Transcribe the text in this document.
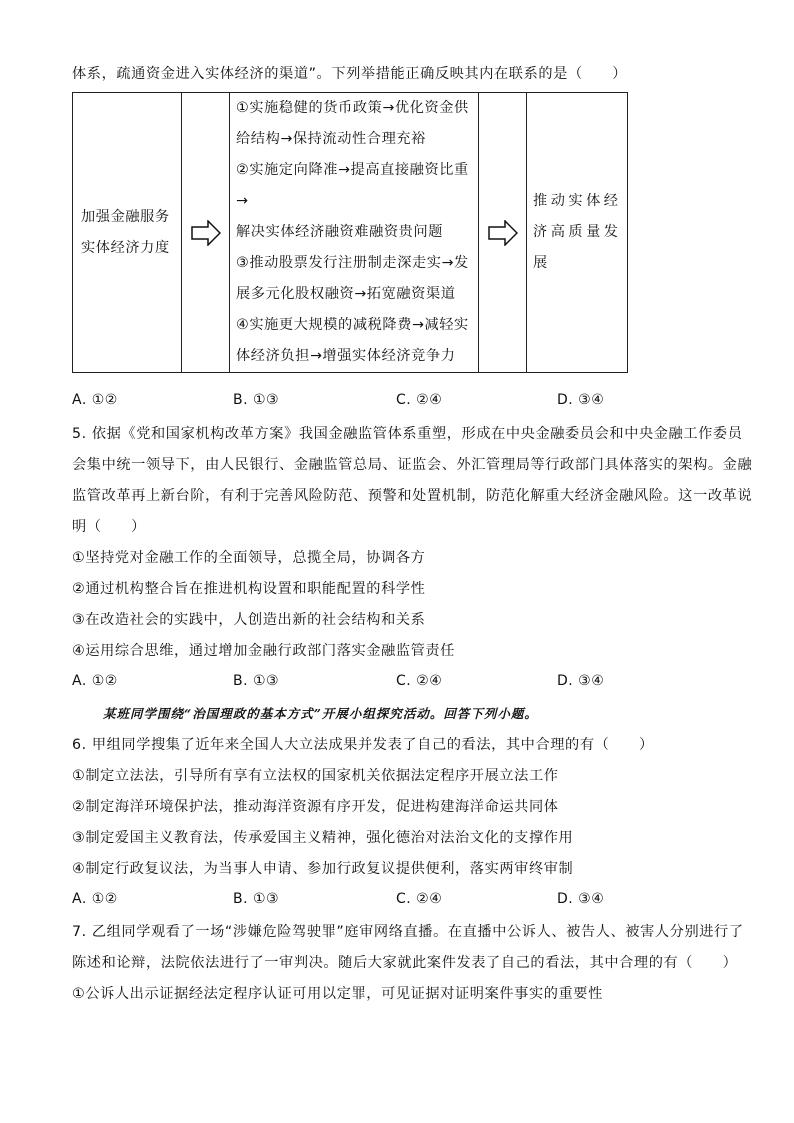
体系，疏通资金进入实体经济的渠道”。下列举措能正确反映其内在联系的是（　　）
加强金融服务
实体经济力度

①实施稳健的货币政策→优化资金供
给结构→保持流动性合理充裕
②实施定向降准→提高直接融资比重→
解决实体经济融资难融资贵问题
③推动股票发行注册制走深走实→发
展多元化股权融资→拓宽融资渠道
④实施更大规模的减税降费→减轻实
体经济负担→增强实体经济竞争力

推动实体经
济高质量发
展
A. ①②	B. ①③	C. ②④	D. ③④
5. 依据《党和国家机构改革方案》我国金融监管体系重塑，形成在中央金融委员会和中央金融工作委员
会集中统一领导下，由人民银行、金融监管总局、证监会、外汇管理局等行政部门具体落实的架构。金融
监管改革再上新台阶，有利于完善风险防范、预警和处置机制，防范化解重大经济金融风险。这一改革说
明（　　）
①坚持党对金融工作的全面领导，总揽全局，协调各方
②通过机构整合旨在推进机构设置和职能配置的科学性
③在改造社会的实践中，人创造出新的社会结构和关系
④运用综合思维，通过增加金融行政部门落实金融监管责任
A. ①②	B. ①③	C. ②④	D. ③④
某班同学围绕“治国理政的基本方式”开展小组探究活动。回答下列小题。
6. 甲组同学搜集了近年来全国人大立法成果并发表了自己的看法，其中合理的有（　　）
①制定立法法，引导所有享有立法权的国家机关依据法定程序开展立法工作
②制定海洋环境保护法，推动海洋资源有序开发，促进构建海洋命运共同体
③制定爱国主义教育法，传承爱国主义精神，强化德治对法治文化的支撑作用
④制定行政复议法，为当事人申请、参加行政复议提供便利，落实两审终审制
A. ①②	B. ①③	C. ②④	D. ③④
7. 乙组同学观看了一场“涉嫌危险驾驶罪”庭审网络直播。在直播中公诉人、被告人、被害人分别进行了
陈述和论辩，法院依法进行了一审判决。随后大家就此案件发表了自己的看法，其中合理的有（　　）
①公诉人出示证据经法定程序认证可用以定罪，可见证据对证明案件事实的重要性
